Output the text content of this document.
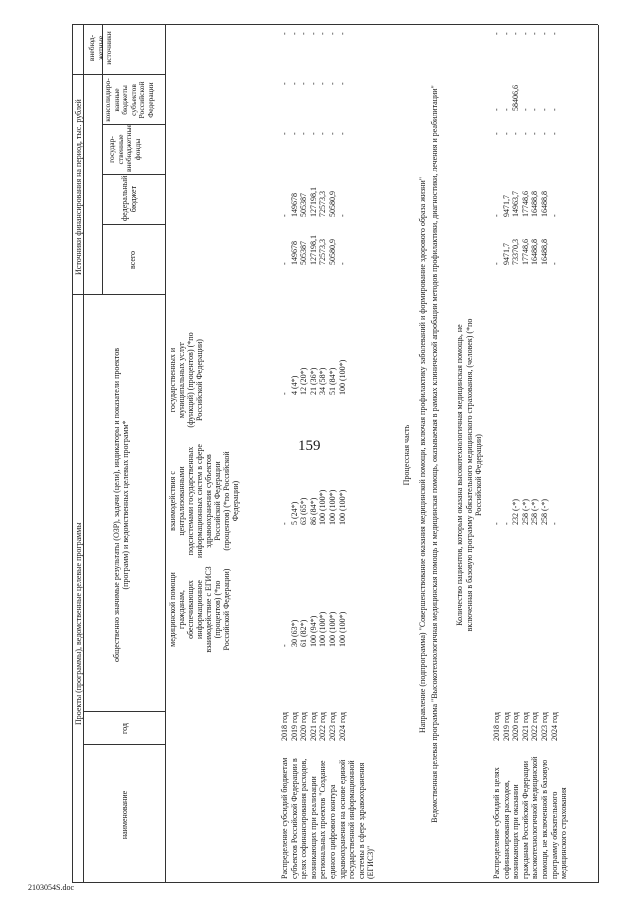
159
2103054S.doc
Проекты (программы), ведомственные целевые программы
Источники финансирования на период, тыс. рублей
наименование
год
общественно значимые результаты (ОЗР), задачи (цели), индикаторы и показатели проектов (программ) и ведомственных целевых программ*
всего
федеральный бюджет
государ-ственные внебюджетные фонды
консолидиро-ванные бюджеты субъектов Российской Федерации
внебюд-жетные источники
Распределение субсидий бюджетам субъектов Российской Федерации в целях софинансирования расходов, возникающих при реализации региональных проектов "Создание единого цифрового контура здравоохранения на основе единой государственной информационной системы в сфере здравоохранения (ЕГИСЗ)"
медицинской помощи гражданам, обеспечивающих информационное взаимодействие с ЕГИСЗ (процентов) (*по Российской Федерации)
взаимодействия с централизованными подсистемами государственных информационных систем в сфере здравоохранения субъектов Российской Федерации (процентов) (*по Российской Федерации)
государственных и муниципальных услуг (функций) (процентов) (*по Российской Федерации)
2018 год 2019 год 2020 год 2021 год 2022 год 2023 год 2024 год
- 30 (63*) 61 (82*) 100 (94*) 100 (100*) 100 (100*) 100 (100*)
- 5 (24*) 63 (65*) 86 (84*) 100 (100*) 100 (100*) 100 (100*)
- 4 (4*) 12 (20*) 21 (36*) 34 (58*) 51 (84*) 100 (100*)
- 149678 505387 127198,1 72573,3 50580,9 -
- 149678 505387 127198,1 72573,3 50580,9 -
- - - - - - -
- - - - - - -
- - - - - - -
Процессная часть Направление (подпрограмма) "Совершенствование оказания медицинской помощи, включая профилактику заболеваний и формирование здорового образа жизни" Ведомственная целевая программа "Высокотехнологичная медицинская помощь и медицинская помощь, оказываемая в рамках клинической апробации методов профилактики, диагностики, лечения и реабилитации"
Распределение субсидий в целях софинансирования расходов, возникающих при оказании гражданам Российской Федерации высокотехнологичной медицинской помощи, не включенной в базовую программу обязательного медицинского страхования
Количество пациентов, которым оказана высокотехнологичная медицинская помощь, не включенная в базовую программу обязательного медицинского страхования, (человек) (*по Российской Федерации)
2018 год 2019 год 2020 год 2021 год 2022 год 2023 год 2024 год
- - 232 (-*) 258 (-*) 258 (-*) 258 (-*) -
- 9471,7 73370,3 17748,6 16488,8 16488,8 -
- 9471,7 14963,7 17748,6 16488,8 16488,8 -
- - - - - - -
- - 58406,6 - - - -
- - - - - - -
